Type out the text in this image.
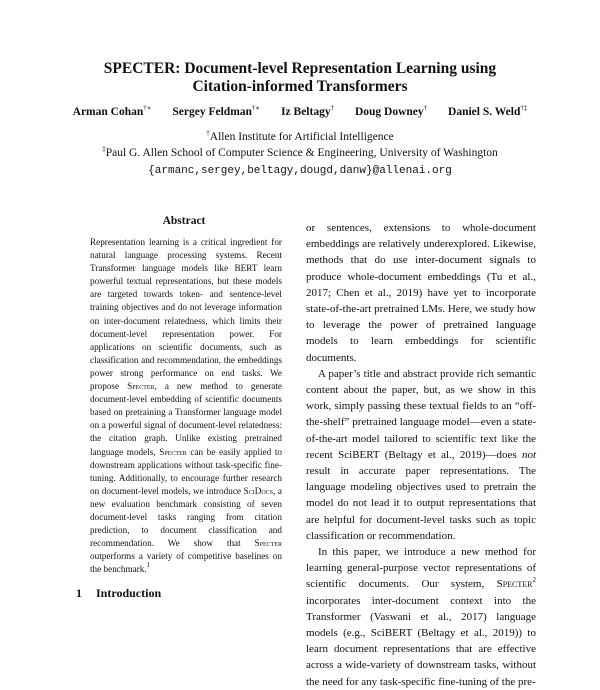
SPECTER: Document-level Representation Learning using
Citation-informed Transformers
Arman Cohan†∗ Sergey Feldman†∗ Iz Beltagy† Doug Downey† Daniel S. Weld†‡
†Allen Institute for Artificial Intelligence
‡Paul G. Allen School of Computer Science & Engineering, University of Washington
{armanc,sergey,beltagy,dougd,danw}@allenai.org
Abstract

Representation learning is a critical ingredient for natural language processing systems. Recent Transformer language models like BERT learn powerful textual representations, but these models are targeted towards token- and sentence-level training objectives and do not leverage information on inter-document relatedness, which limits their document-level representation power. For applications on scientific documents, such as classification and recommendation, the embeddings power strong performance on end tasks. We propose Specter, a new method to generate document-level embedding of scientific documents based on pretraining a Transformer language model on a powerful signal of document-level relatedness: the citation graph. Unlike existing pretrained language models, Specter can be easily applied to downstream applications without task-specific fine-tuning. Additionally, to encourage further research on document-level models, we introduce SciDocs, a new evaluation benchmark consisting of seven document-level tasks ranging from citation prediction, to document classification and recommendation. We show that Specter outperforms a variety of competitive baselines on the benchmark.$^1$

or sentences, extensions to whole-document embeddings are relatively underexplored. Likewise, methods that do use inter-document signals to produce whole-document embeddings (Tu et al., 2017; Chen et al., 2019) have yet to incorporate state-of-the-art pretrained LMs. Here, we study how to leverage the power of pretrained language models to learn embeddings for scientific documents.

A paper’s title and abstract provide rich semantic content about the paper, but, as we show in this work, simply passing these textual fields to an “off-the-shelf” pretrained language model—even a state-of-the-art model tailored to scientific text like the recent SciBERT (Beltagy et al., 2019)—does not result in accurate paper representations. The language modeling objectives used to pretrain the model do not lead it to output representations that are helpful for document-level tasks such as topic classification or recommendation.

In this paper, we introduce a new method for learning general-purpose vector representations of scientific documents. Our system, Specter$^2$ incorporates inter-document context into the Transformer (Vaswani et al., 2017) language models (e.g., SciBERT (Beltagy et al., 2019)) to learn document representations that are effective across a wide-variety of downstream tasks, without the need for any task-specific fine-tuning of the pre-

1 Introduction
